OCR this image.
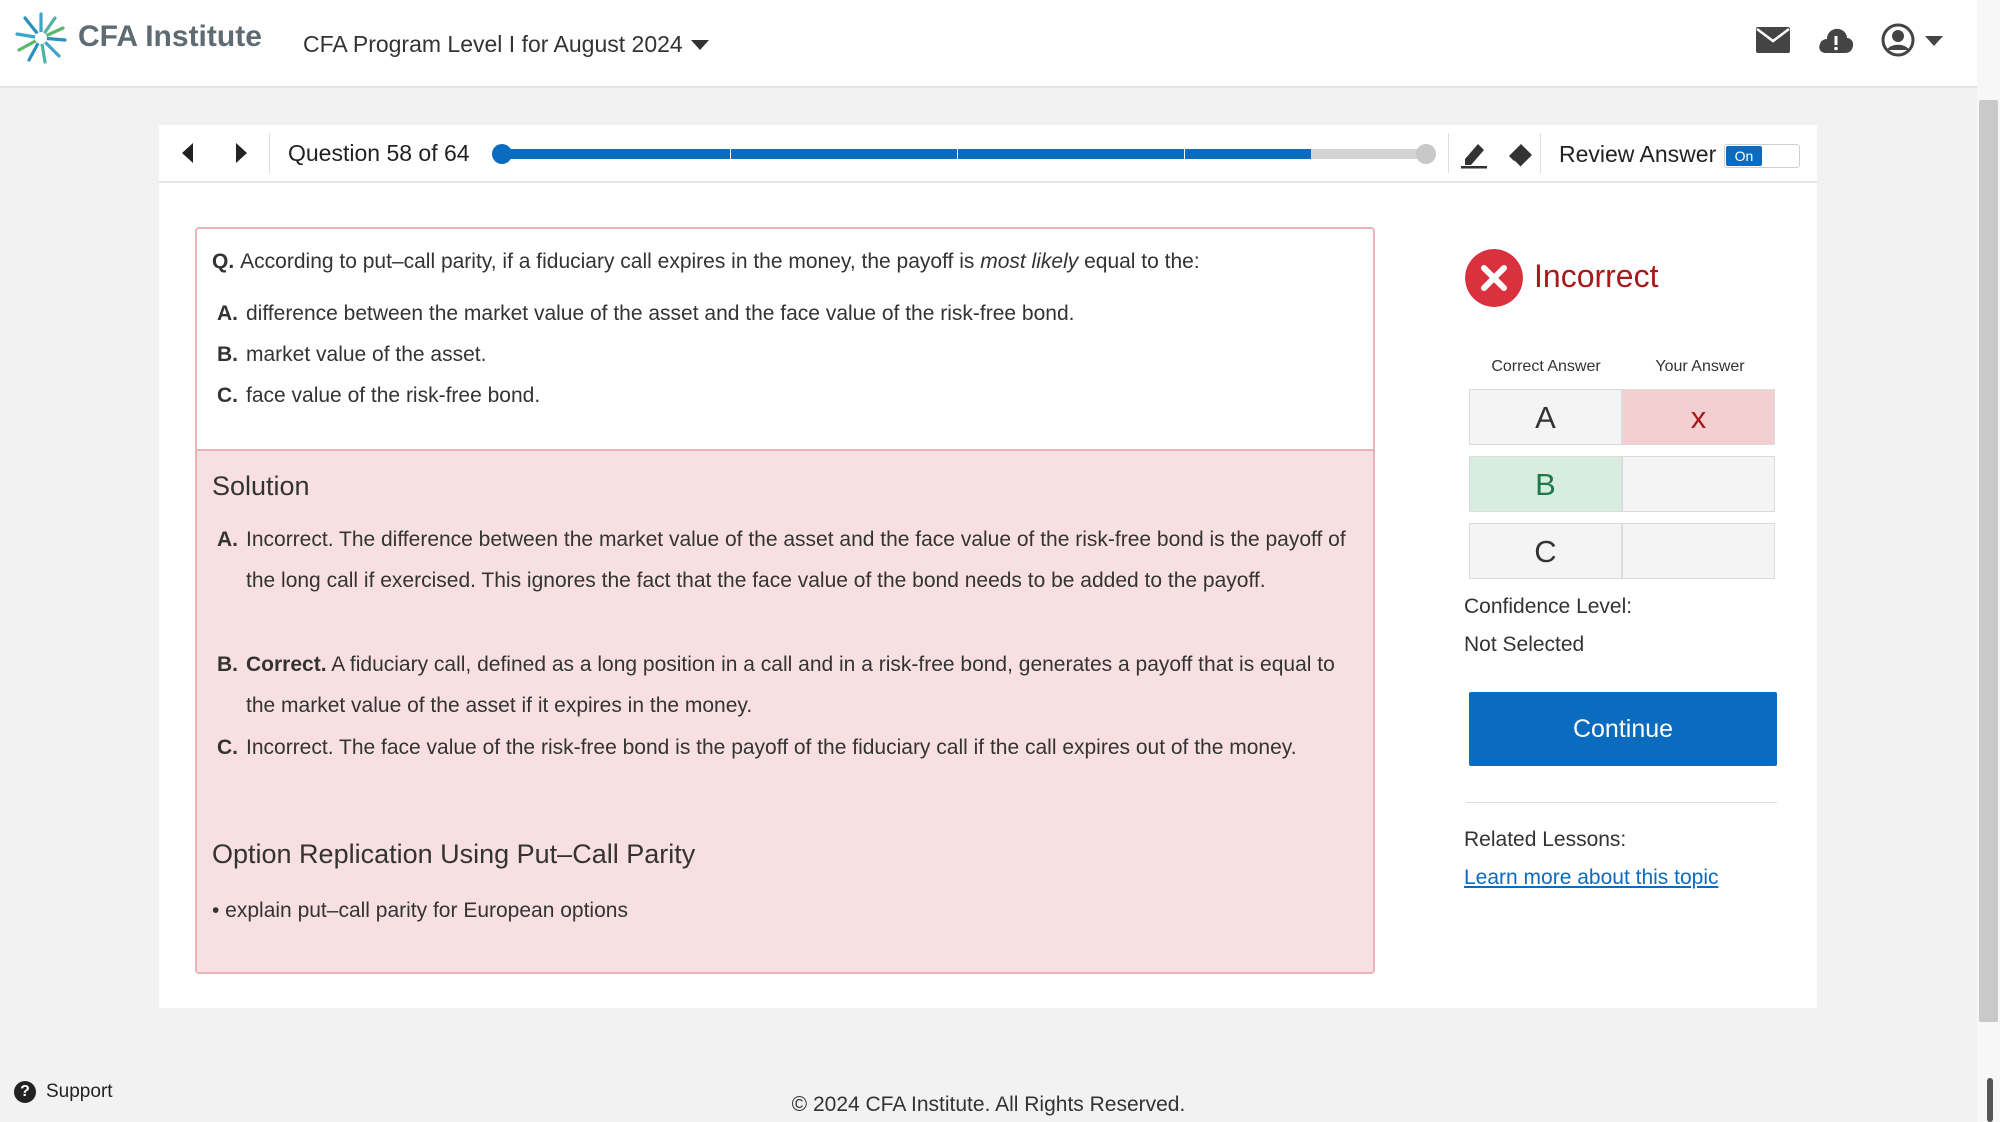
CFA Institute CFA Program Level I for August 2024
Question 58 of 64	Review Answer	On
Q. According to put–call parity, if a fiduciary call expires in the money, the payoff is most likely equal to the:
A. difference between the market value of the asset and the face value of the risk-free bond.
B. market value of the asset.
C. face value of the risk-free bond.
Solution
A. Incorrect. The difference between the market value of the asset and the face value of the risk-free bond is the payoff of the long call if exercised. This ignores the fact that the face value of the bond needs to be added to the payoff.
B. Correct. A fiduciary call, defined as a long position in a call and in a risk-free bond, generates a payoff that is equal to the market value of the asset if it expires in the money.
C. Incorrect. The face value of the risk-free bond is the payoff of the fiduciary call if the call expires out of the money.
Option Replication Using Put–Call Parity
• explain put–call parity for European options
Incorrect
Correct Answer	Your Answer
A	x
B
C
Confidence Level:
Not Selected
Continue
Related Lessons:
Learn more about this topic
? Support
© 2024 CFA Institute. All Rights Reserved.
